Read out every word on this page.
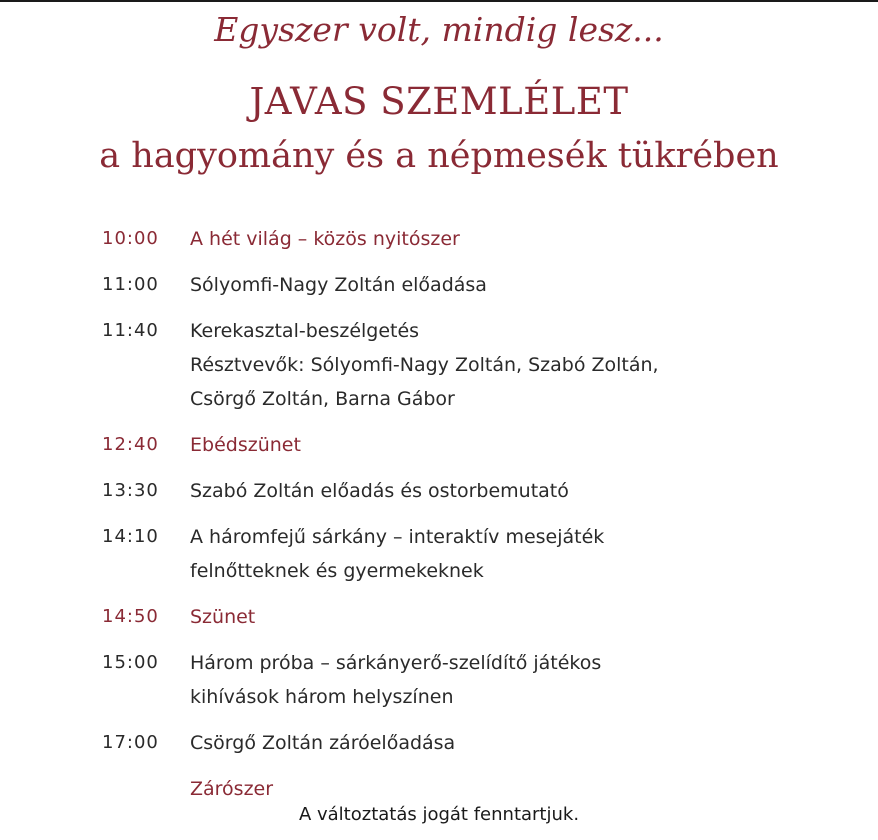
Egyszer volt, mindig lesz...
JAVAS SZEMLÉLET
a hagyomány és a népmesék tükrében
10:00	A hét világ – közös nyitószer
11:00	Sólyomfi-Nagy Zoltán előadása
11:40	Kerekasztal-beszélgetés
Résztvevők: Sólyomfi-Nagy Zoltán, Szabó Zoltán,
Csörgő Zoltán, Barna Gábor
12:40	Ebédszünet
13:30	Szabó Zoltán előadás és ostorbemutató
14:10	A háromfejű sárkány – interaktív mesejáték
felnőtteknek és gyermekeknek
14:50	Szünet
15:00	Három próba – sárkányerő-szelídítő játékos
kihívások három helyszínen
17:00	Csörgő Zoltán záróelőadása
Zárószer
A változtatás jogát fenntartjuk.
